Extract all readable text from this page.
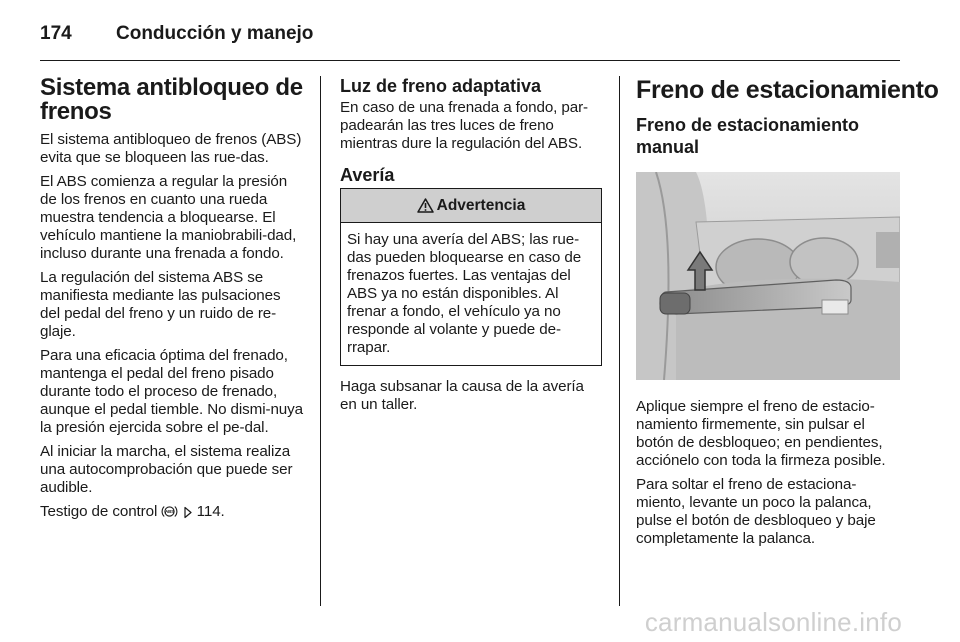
174	Conducción y manejo
Sistema antibloqueo de frenos

El sistema antibloqueo de frenos (ABS) evita que se bloqueen las rue-das.

El ABS comienza a regular la presión de los frenos en cuanto una rueda muestra tendencia a bloquearse. El vehículo mantiene la maniobrabili-dad, incluso durante una frenada a fondo.

La regulación del sistema ABS se manifiesta mediante las pulsaciones del pedal del freno y un ruido de re-glaje.

Para una eficacia óptima del frenado, mantenga el pedal del freno pisado durante todo el proceso de frenado, aunque el pedal tiemble. No dismi-nuya la presión ejercida sobre el pe-dal.

Al iniciar la marcha, el sistema realiza una autocomprobación que puede ser audible.

Testigo de control ABS 114.

Luz de freno adaptativa

En caso de una frenada a fondo, par-padearán las tres luces de freno mientras dure la regulación del ABS.

Avería
Advertencia

Si hay una avería del ABS; las rue-das pueden bloquearse en caso de frenazos fuertes. Las ventajas del ABS ya no están disponibles. Al frenar a fondo, el vehículo ya no responde al volante y puede de-rrapar.

Haga subsanar la causa de la avería en un taller.

Freno de estacionamiento
Freno de estacionamiento manual

Aplique siempre el freno de estacio-namiento firmemente, sin pulsar el botón de desbloqueo; en pendientes, acciónelo con toda la firmeza posible.

Para soltar el freno de estaciona-miento, levante un poco la palanca, pulse el botón de desbloqueo y baje completamente la palanca.

carmanualsonline.info
